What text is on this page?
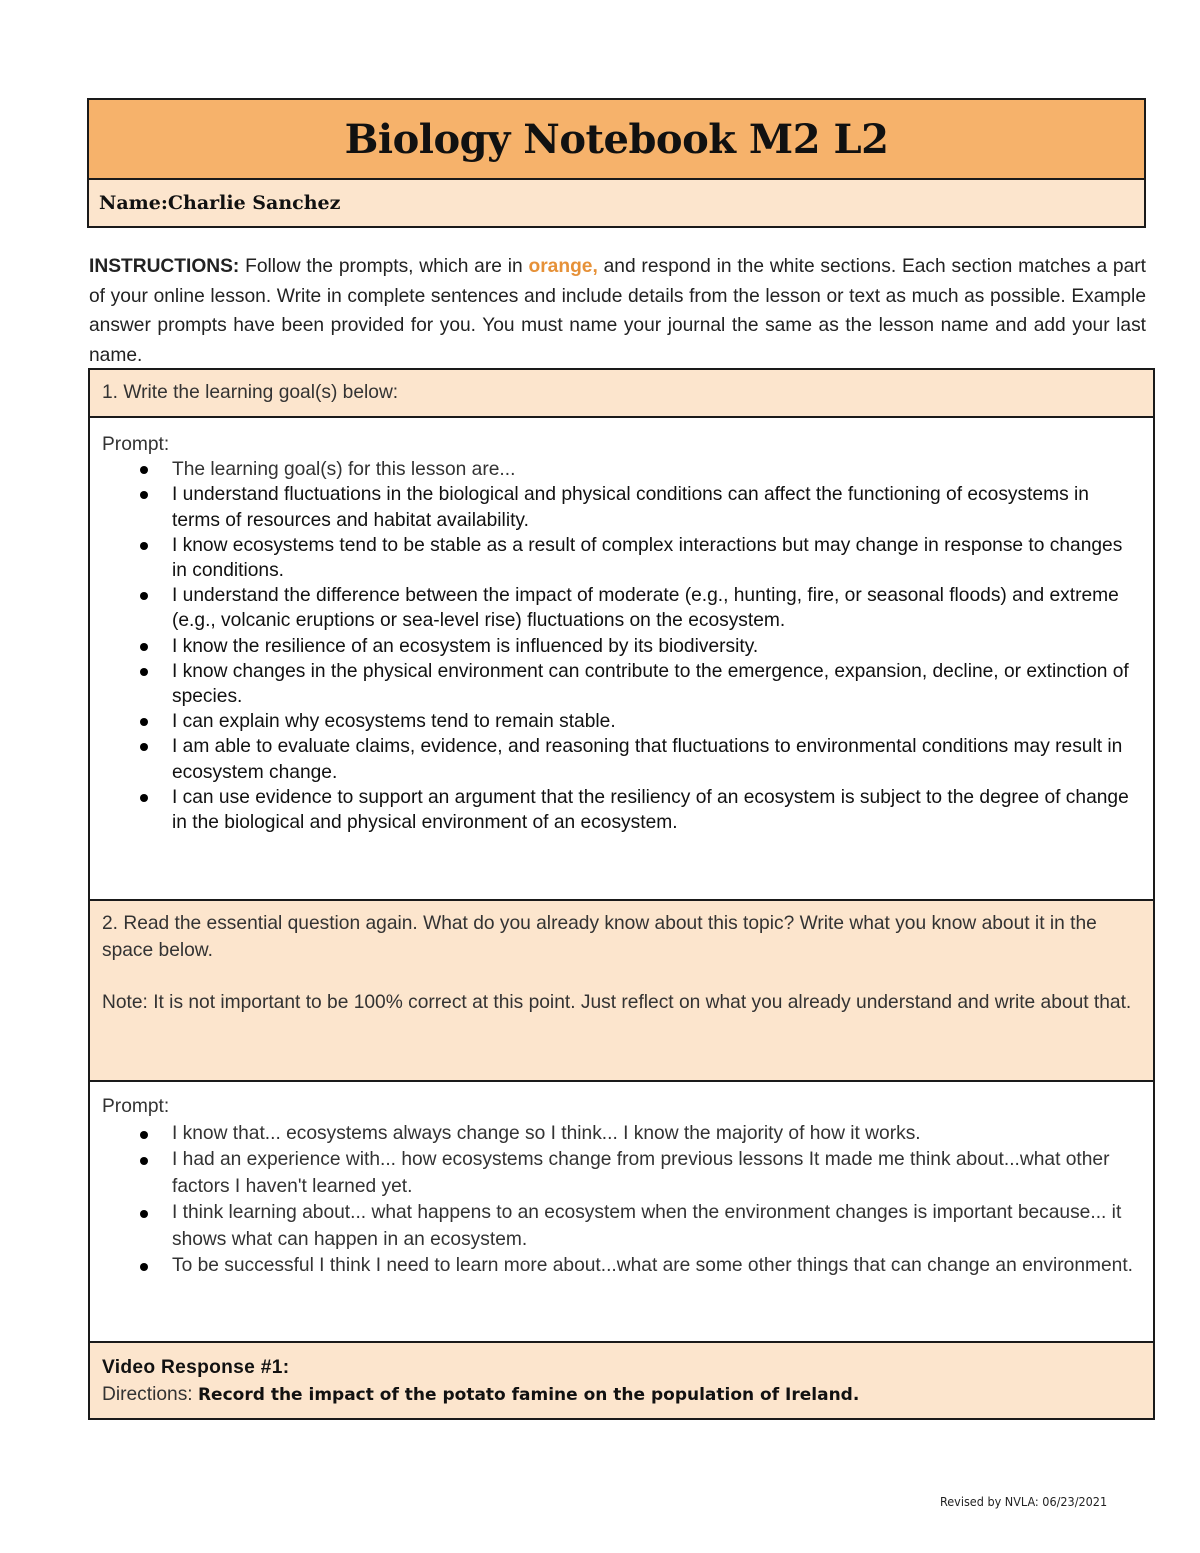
Biology Notebook M2 L2
Name: Charlie Sanchez
INSTRUCTIONS: Follow the prompts, which are in orange, and respond in the white sections. Each section matches a part of your online lesson. Write in complete sentences and include details from the lesson or text as much as possible. Example answer prompts have been provided for you. You must name your journal the same as the lesson name and add your last name.
1. Write the learning goal(s) below:
Prompt:
The learning goal(s) for this lesson are...
I understand fluctuations in the biological and physical conditions can affect the functioning of ecosystems in terms of resources and habitat availability.
I know ecosystems tend to be stable as a result of complex interactions but may change in response to changes in conditions.
I understand the difference between the impact of moderate (e.g., hunting, fire, or seasonal floods) and extreme (e.g., volcanic eruptions or sea-level rise) fluctuations on the ecosystem.
I know the resilience of an ecosystem is influenced by its biodiversity.
I know changes in the physical environment can contribute to the emergence, expansion, decline, or extinction of species.
I can explain why ecosystems tend to remain stable.
I am able to evaluate claims, evidence, and reasoning that fluctuations to environmental conditions may result in ecosystem change.
I can use evidence to support an argument that the resiliency of an ecosystem is subject to the degree of change in the biological and physical environment of an ecosystem.
2. Read the essential question again. What do you already know about this topic? Write what you know about it in the space below.
Note: It is not important to be 100% correct at this point. Just reflect on what you already understand and write about that.
Prompt:
I know that... ecosystems always change so I think... I know the majority of how it works.
I had an experience with... how ecosystems change from previous lessons It made me think about...what other factors I haven't learned yet.
I think learning about... what happens to an ecosystem when the environment changes is important because... it shows what can happen in an ecosystem.
To be successful I think I need to learn more about...what are some other things that can change an environment.
Video Response #1:
Directions: Record the impact of the potato famine on the population of Ireland.
Revised by NVLA: 06/23/2021
